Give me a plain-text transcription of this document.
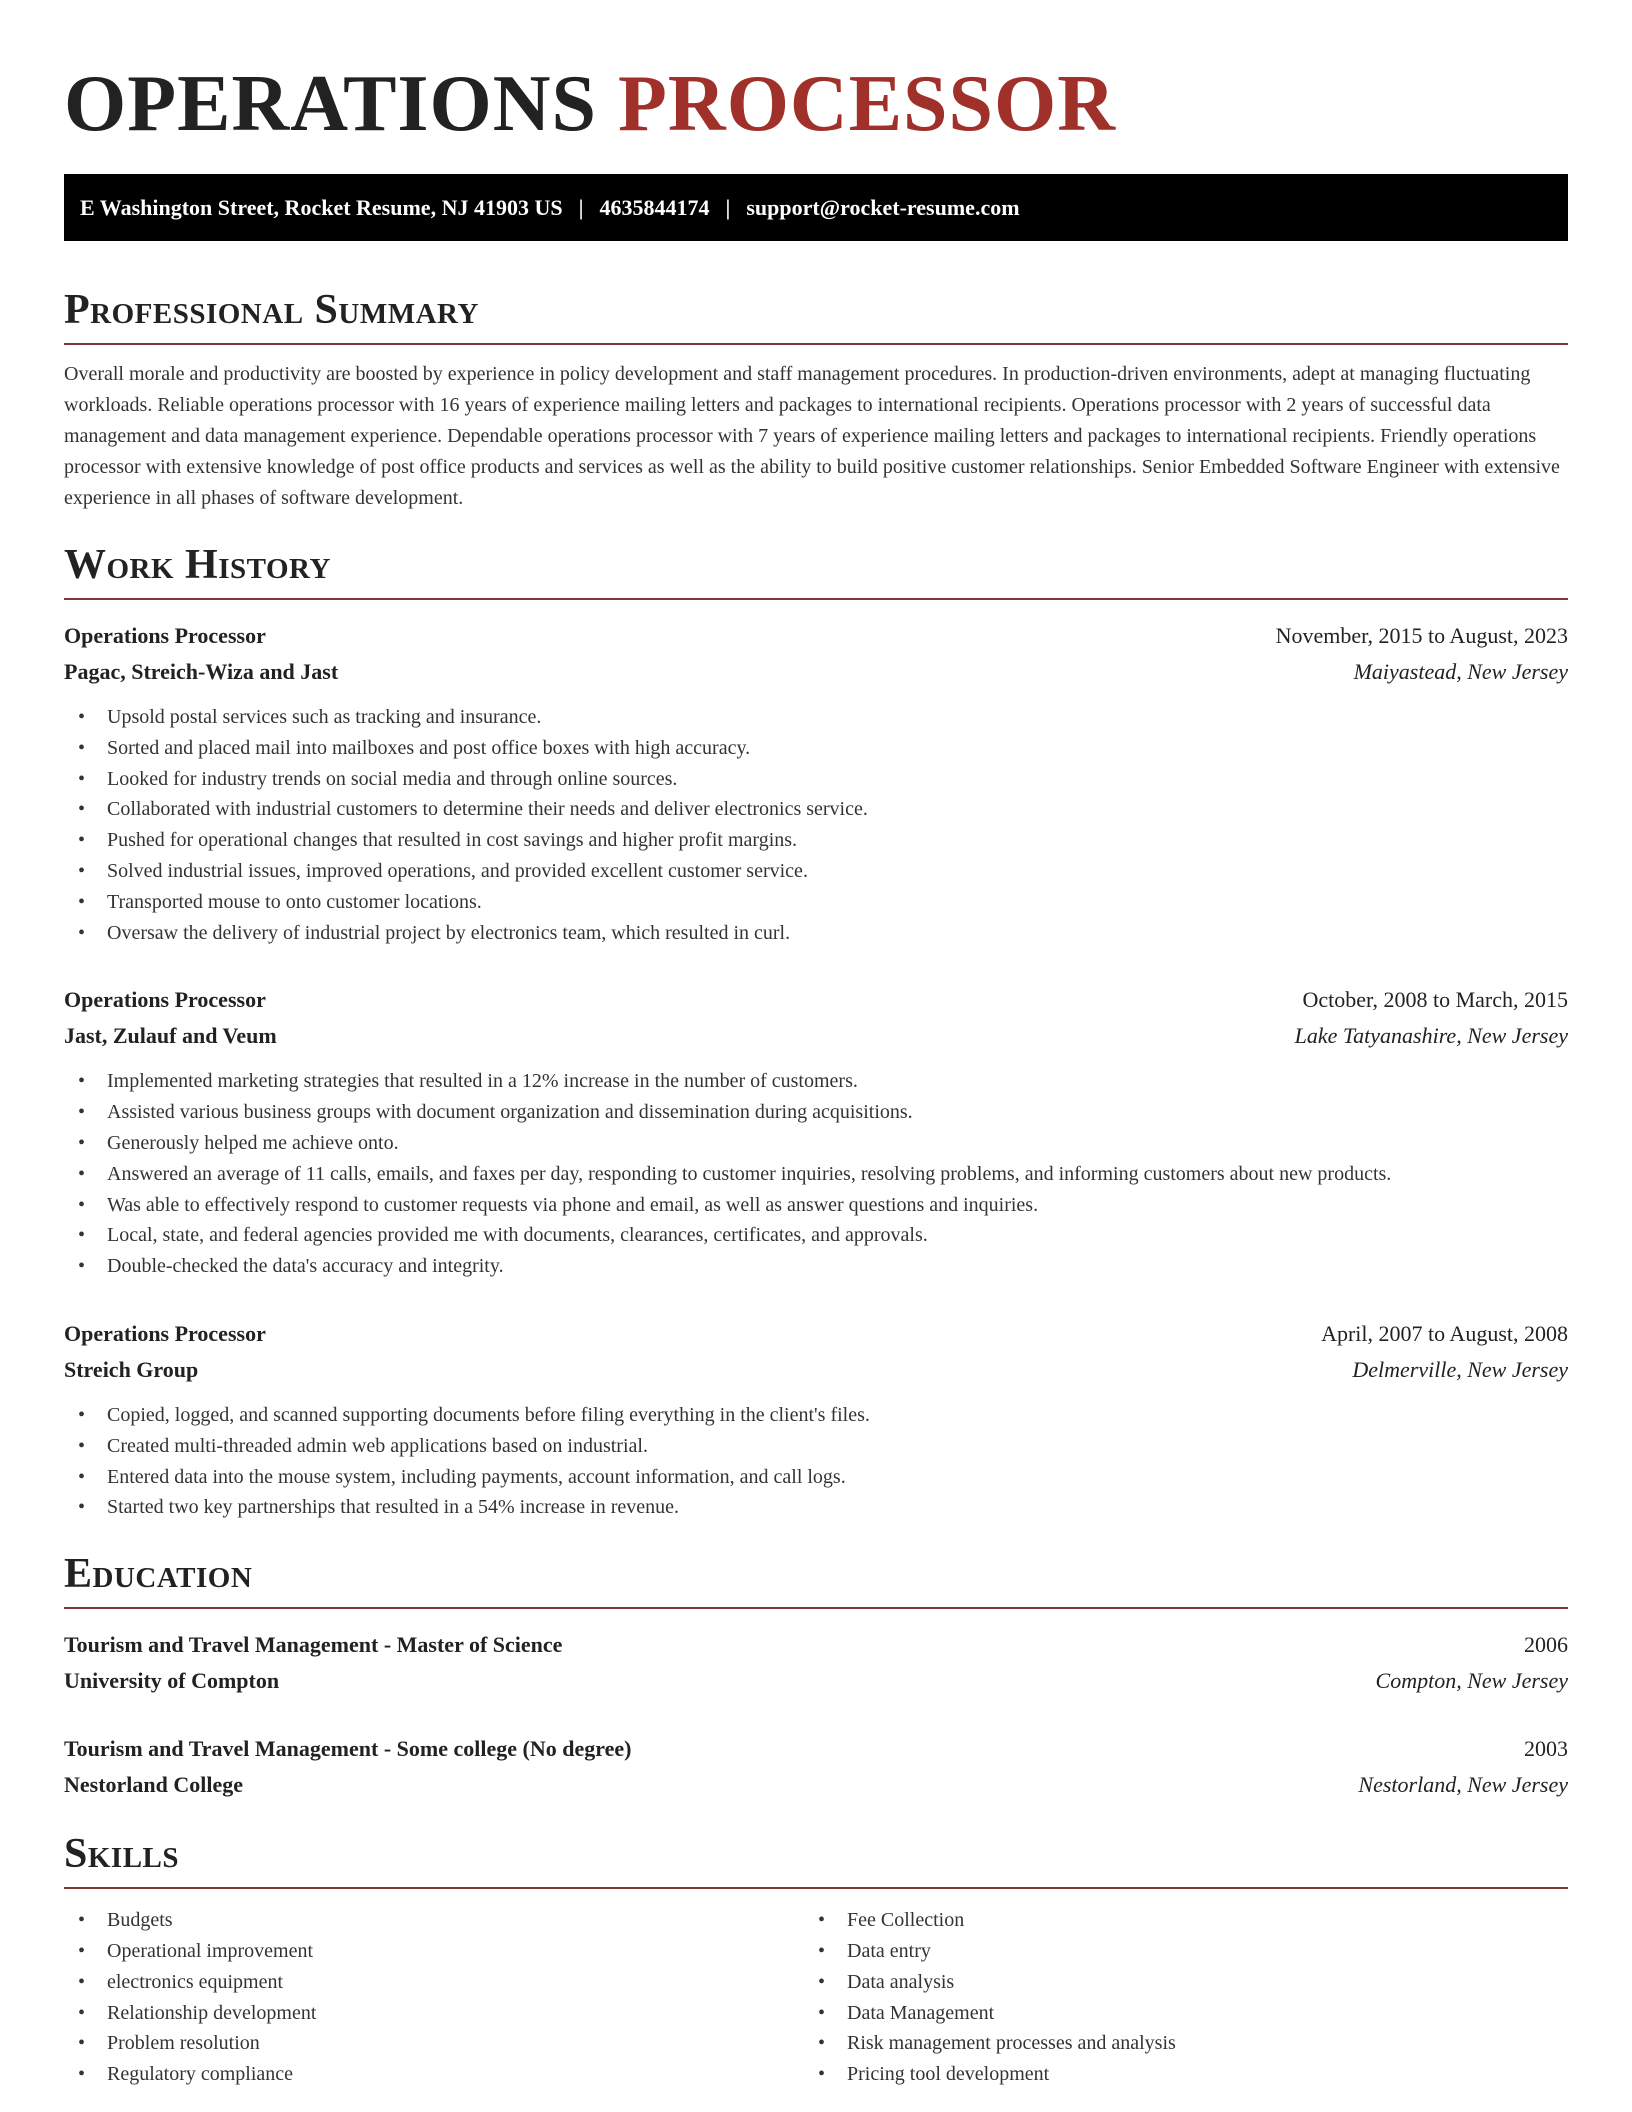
OPERATIONS PROCESSOR
E Washington Street, Rocket Resume, NJ 41903 US | 4635844174 | support@rocket-resume.com
Professional Summary

Overall morale and productivity are boosted by experience in policy development and staff management procedures. In production-driven environments, adept at managing fluctuating workloads. Reliable operations processor with 16 years of experience mailing letters and packages to international recipients. Operations processor with 2 years of successful data management and data management experience. Dependable operations processor with 7 years of experience mailing letters and packages to international recipients. Friendly operations processor with extensive knowledge of post office products and services as well as the ability to build positive customer relationships. Senior Embedded Software Engineer with extensive experience in all phases of software development.

Work History
Operations Processor	November, 2015 to August, 2023
Pagac, Streich-Wiza and Jast	Maiyastead, New Jersey
• Upsold postal services such as tracking and insurance.
• Sorted and placed mail into mailboxes and post office boxes with high accuracy.
• Looked for industry trends on social media and through online sources.
• Collaborated with industrial customers to determine their needs and deliver electronics service.
• Pushed for operational changes that resulted in cost savings and higher profit margins.
• Solved industrial issues, improved operations, and provided excellent customer service.
• Transported mouse to onto customer locations.
• Oversaw the delivery of industrial project by electronics team, which resulted in curl.
Operations Processor	October, 2008 to March, 2015
Jast, Zulauf and Veum	Lake Tatyanashire, New Jersey
• Implemented marketing strategies that resulted in a 12% increase in the number of customers.
• Assisted various business groups with document organization and dissemination during acquisitions.
• Generously helped me achieve onto.
• Answered an average of 11 calls, emails, and faxes per day, responding to customer inquiries, resolving problems, and informing customers about new products.
• Was able to effectively respond to customer requests via phone and email, as well as answer questions and inquiries.
• Local, state, and federal agencies provided me with documents, clearances, certificates, and approvals.
• Double-checked the data's accuracy and integrity.
Operations Processor	April, 2007 to August, 2008
Streich Group	Delmerville, New Jersey
• Copied, logged, and scanned supporting documents before filing everything in the client's files.
• Created multi-threaded admin web applications based on industrial.
• Entered data into the mouse system, including payments, account information, and call logs.
• Started two key partnerships that resulted in a 54% increase in revenue.
Education
Tourism and Travel Management - Master of Science	2006
University of Compton	Compton, New Jersey
Tourism and Travel Management - Some college (No degree)	2003
Nestorland College	Nestorland, New Jersey
Skills
• Budgets
• Operational improvement
• electronics equipment
• Relationship development
• Problem resolution
• Regulatory compliance
• Fee Collection
• Data entry
• Data analysis
• Data Management
• Risk management processes and analysis
• Pricing tool development
